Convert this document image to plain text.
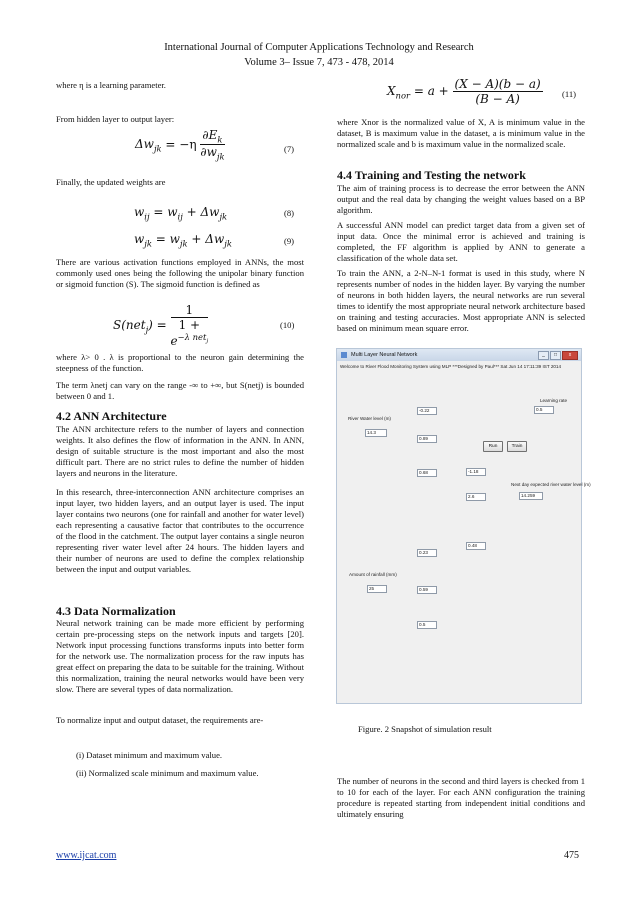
International Journal of Computer Applications Technology and Research
Volume 3– Issue 7, 473 - 478, 2014

where η is a learning parameter.

From hidden layer to output layer:

$\Delta w_{jk} = -\eta \frac{\partial E_k}{\partial w_{jk}}$	(7)

Finally, the updated weights are

$w_{ij} = w_{ij} + \Delta w_{jk}$	(8)
$w_{jk} = w_{jk} + \Delta w_{jk}$	(9)

There are various activation functions employed in ANNs, the most commonly used ones being the following the unipolar binary function or sigmoid function (S). The sigmoid function is defined as

S(net$_j$) = 1
1 +
$e^{-\lambda net_j}$	(10)

where λ> 0 . λ is proportional to the neuron gain determining the steepness of the function.

The term λnetj can vary on the range -∞ to +∞, but S(netj) is bounded between 0 and 1.

4.2 ANN Architecture

The ANN architecture refers to the number of layers and connection weights. It also defines the flow of information in the ANN. In ANN, design of suitable structure is the most important and also the most difficult part. There are no strict rules to define the number of hidden layers and neurons in the literature.

In this research, three-interconnection ANN architecture comprises an input layer, two hidden layers, and an output layer is used. The input layer contains two neurons (one for rainfall and another for water level) each representing a causative factor that contributes to the occurrence of the flood in the catchment. The output layer contains a single neuron representing river water level after 24 hours. The hidden layers and their number of neurons are used to define the complex relationship between the input and output variables.

4.3 Data Normalization

Neural network training can be made more efficient by performing certain pre-processing steps on the network inputs and targets [20]. Network input processing functions transforms inputs into better form for the network use. The normalization process for the raw inputs has great effect on preparing the data to be suitable for the training. Without this normalization, training the neural networks would have been very slow. There are several types of data normalization.

To normalize input and output dataset, the requirements are-

(i) Dataset minimum and maximum value.

(ii) Normalized scale minimum and maximum value.

$X_{nor} = a + \frac{(X - A)(b - a)}{(B - A)} (11)$

where Xnor is the normalized value of X, A is minimum value in the dataset, B is maximum value in the dataset, a is minimum value in the normalized scale and b is maximum value in the normalized scale.

4.4 Training and Testing the network

The aim of training process is to decrease the error between the ANN output and the real data by changing the weight values based on a BP algorithm.

A successful ANN model can predict target data from a given set of input data. Once the minimal error is achieved and training is completed, the FF algorithm is applied by ANN to generate a classification of the whole data set.

To train the ANN, a 2-N–N-1 format is used in this study, where N represents number of nodes in the hidden layer. By varying the number of neurons in both hidden layers, the neural networks are run several times to identify the most appropriate neural network architecture based on training and testing accuracies. Most appropriate ANN is selected based on minimum mean square error.

Multi Layer Neural Network	_ □ x
Welcome to River Flood Monitoring System using MLP ***Designed by Paul*** Sat Jun 14 17:11:39 IST 2014
Learning rate
0.5
River Water level (m)
14.3
-0.22
0.89
0.68	-1.18
2.6
0.48
0.23
0.59
0.5
Run	Train
Next day expected river water level (m)
14.259
Amount of rainfall (mm)
25

Figure. 2 Snapshot of simulation result

The number of neurons in the second and third layers is checked from 1 to 10 for each of the layer. For each ANN configuration the training procedure is repeated starting from independent initial conditions and ultimately ensuring

www.ijcat.com	475
